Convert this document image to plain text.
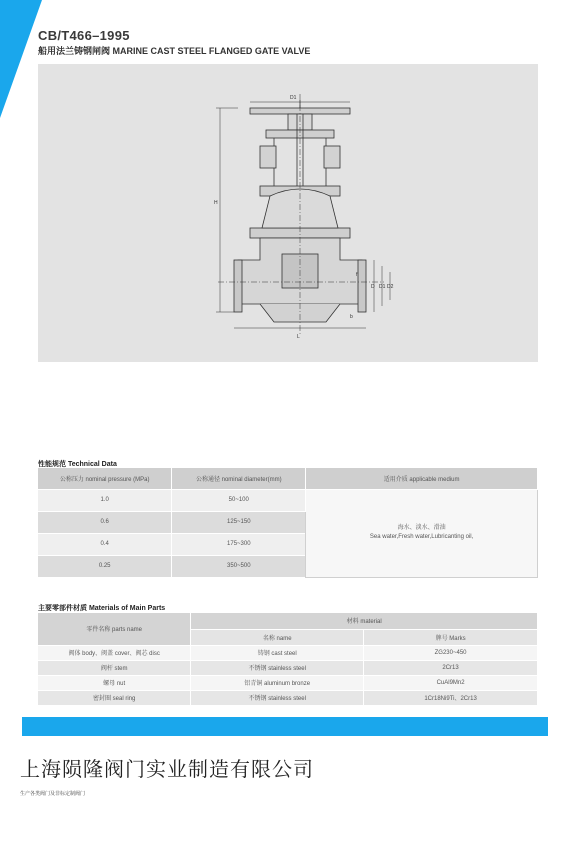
CB/T466–1995
船用法兰铸钢闸阀 MARINE CAST STEEL FLANGED GATE VALVE
D1
H
L
D D1 D2
b
f
性能规范 Technical Data
公称压力 nominal pressure (MPa)	公称通径 nominal diameter(mm)	适用介质 applicable medium
1.0	50~100	海水、淡水、滑油
Sea water,Fresh water,Lubricanting oil,

0.6	125~150	
0.4	175~300	
0.25	350~500	
主要零部件材质 Materials of Main Parts
零件名称 parts name	材料 material	
	名称 name	牌号 Marks
阀体 body、阀盖 cover、阀芯 disc	铸钢 cast steel	ZG230~450
阀杆 stem	不锈钢 stainless steel	2Cr13
螺母 nut	铝青铜 aluminum bronze	CuAl9Mn2
密封圈 seal ring	不锈钢 stainless steel	1Cr18Ni9Ti、2Cr13
上海陨隆阀门实业制造有限公司
生产各类阀门及非标定制阀门
